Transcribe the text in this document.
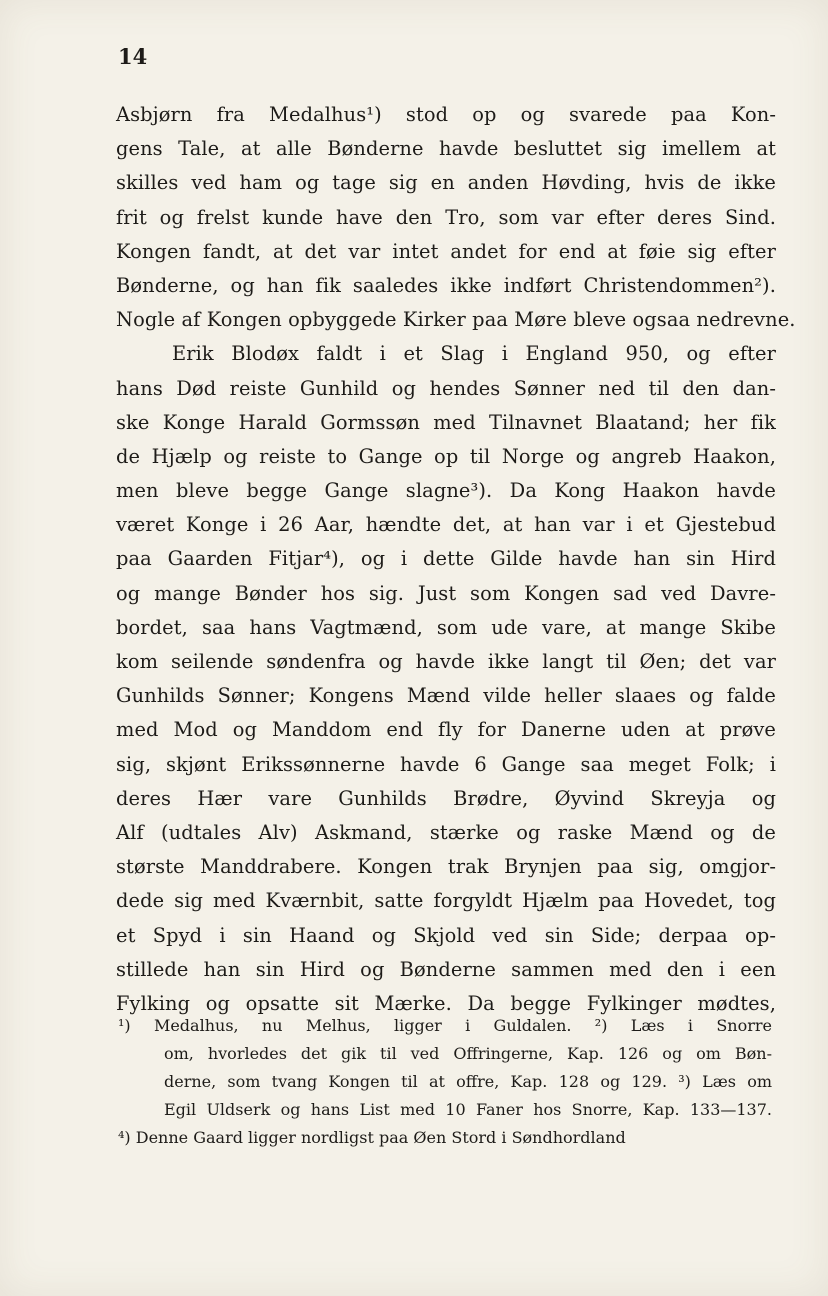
14
Asbjørn fra Medalhus¹) stod op og svarede paa Kon-
gens Tale, at alle Bønderne havde besluttet sig imellem at
skilles ved ham og tage sig en anden Høvding, hvis de ikke
frit og frelst kunde have den Tro, som var efter deres Sind.
Kongen fandt, at det var intet andet for end at føie sig efter
Bønderne, og han fik saaledes ikke indført Christendommen²).
Nogle af Kongen opbyggede Kirker paa Møre bleve ogsaa nedrevne.
Erik Blodøx faldt i et Slag i England 950, og efter
hans Død reiste Gunhild og hendes Sønner ned til den dan-
ske Konge Harald Gormssøn med Tilnavnet Blaatand; her fik
de Hjælp og reiste to Gange op til Norge og angreb Haakon,
men bleve begge Gange slagne³). Da Kong Haakon havde
været Konge i 26 Aar, hændte det, at han var i et Gjestebud
paa Gaarden Fitjar⁴), og i dette Gilde havde han sin Hird
og mange Bønder hos sig. Just som Kongen sad ved Davre-
bordet, saa hans Vagtmænd, som ude vare, at mange Skibe
kom seilende søndenfra og havde ikke langt til Øen; det var
Gunhilds Sønner; Kongens Mænd vilde heller slaaes og falde
med Mod og Manddom end fly for Danerne uden at prøve
sig, skjønt Erikssønnerne havde 6 Gange saa meget Folk; i
deres Hær vare Gunhilds Brødre, Øyvind Skreyja og
Alf (udtales Alv) Askmand, stærke og raske Mænd og de
største Manddrabere. Kongen trak Brynjen paa sig, omgjor-
dede sig med Kværnbit, satte forgyldt Hjælm paa Hovedet, tog
et Spyd i sin Haand og Skjold ved sin Side; derpaa op-
stillede han sin Hird og Bønderne sammen med den i een
Fylking og opsatte sit Mærke. Da begge Fylkinger mødtes,
¹) Medalhus, nu Melhus, ligger i Guldalen. ²) Læs i Snorre
om, hvorledes det gik til ved Offringerne, Kap. 126 og om Bøn-
derne, som tvang Kongen til at offre, Kap. 128 og 129. ³) Læs om
Egil Uldserk og hans List med 10 Faner hos Snorre, Kap. 133—137.
⁴) Denne Gaard ligger nordligst paa Øen Stord i Søndhordland
